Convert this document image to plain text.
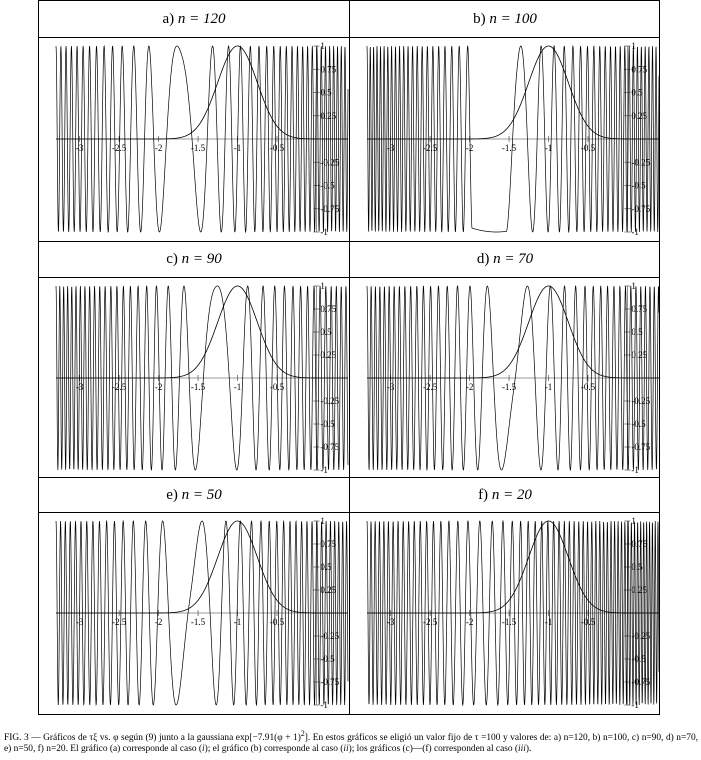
a) n = 120	b) n = 100
c) n = 90	d) n = 70
e) n = 50	f) n = 20
-3	-2.5	-2	-1.5	-1	-0.5
1
0.75
0.5
0.25
-0.25
-0.5
-0.75
-1
-3	-2.5	-2	-1.5	-1	-0.5
1
0.75
0.5
0.25
-0.25
-0.5
-0.75
-1
-3	-2.5	-2	-1.5	-1	-0.5
1
0.75
0.5
0.25
-0.25
-0.5
-0.75
-1
-3	-2.5	-2	-1.5	-1	-0.5
1
0.75
0.5
0.25
-0.25
-0.5
-0.75
-1
-3	-2.5	-2	-1.5	-1	-0.5
1
0.75
0.5
0.25
-0.25
-0.5
-0.75
-1
-3	-2.5	-2	-1.5	-1	-0.5
1
0.75
0.5
0.25
-0.25
-0.5
-0.75
-1
FIG. 3 — Gráficos de τξ vs. φ según (9) junto a la gaussiana $\exp[-7.91(\varphi + 1)^2]$. En estos gráficos se eligió un valor fijo de τ =100 y valores de: a) n=120, b) n=100, c) n=90, d) n=70, e) n=50, f) n=20. El gráfico (a) corresponde al caso (i); el gráfico (b) corresponde al caso (ii); los gráficos (c)—(f) corresponden al caso (iii).
